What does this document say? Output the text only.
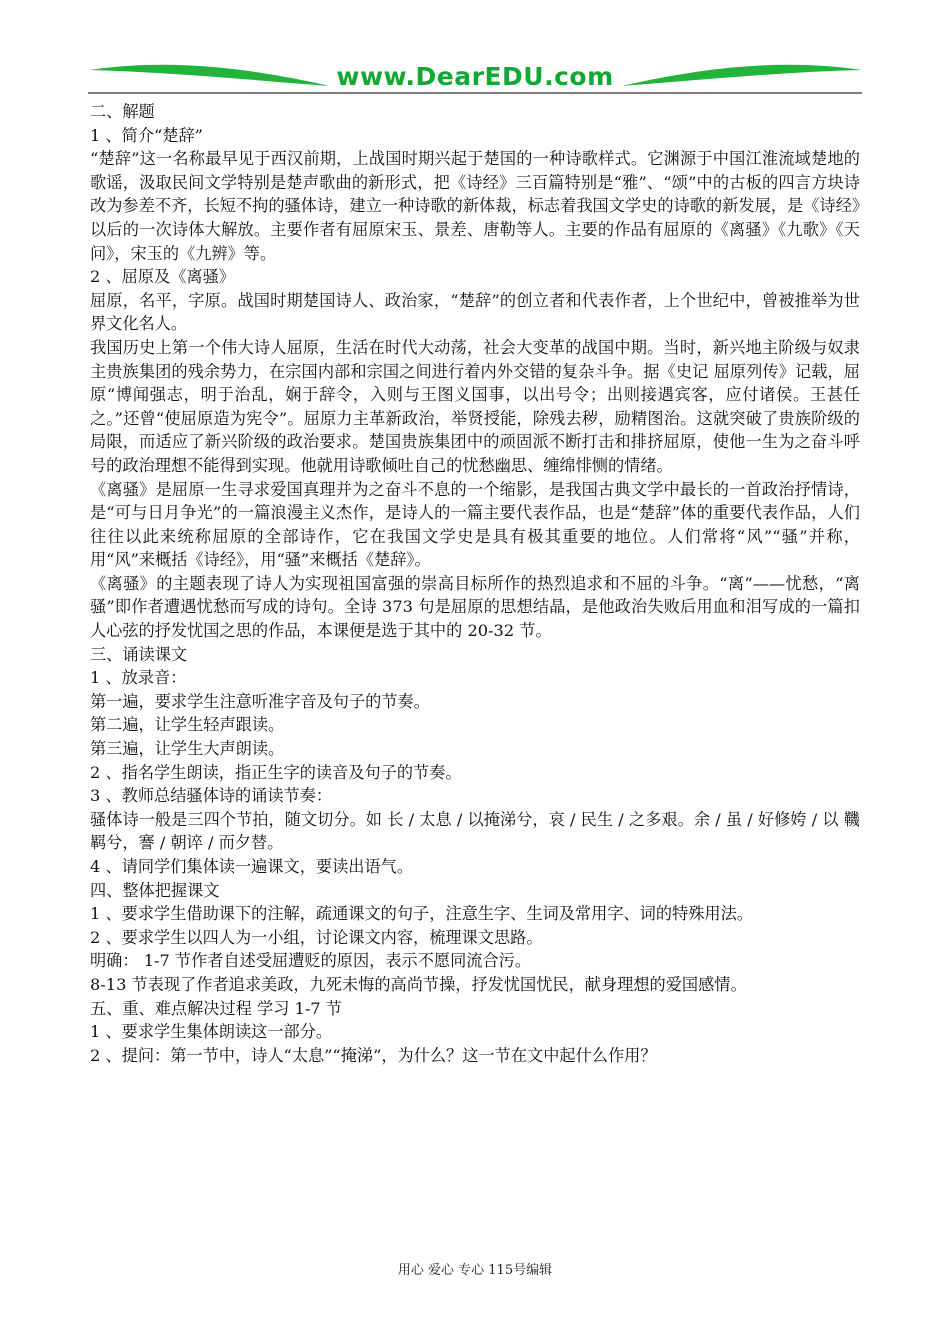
www.DearEDU.com

二、解题

1 、简介“楚辞”

“楚辞”这一名称最早见于西汉前期，上战国时期兴起于楚国的一种诗歌样式。它渊源于中国江淮流域楚地的歌谣，汲取民间文学特别是楚声歌曲的新形式，把《诗经》三百篇特别是“雅”、“颂”中的古板的四言方块诗改为参差不齐，长短不拘的骚体诗，建立一种诗歌的新体裁，标志着我国文学史的诗歌的新发展，是《诗经》以后的一次诗体大解放。主要作者有屈原宋玉、景差、唐勒等人。主要的作品有屈原的《离骚》《九歌》《天问》，宋玉的《九辨》等。

2 、屈原及《离骚》

屈原，名平，字原。战国时期楚国诗人、政治家，“楚辞”的创立者和代表作者，上个世纪中，曾被推举为世界文化名人。

我国历史上第一个伟大诗人屈原，生活在时代大动荡，社会大变革的战国中期。当时，新兴地主阶级与奴隶主贵族集团的残余势力，在宗国内部和宗国之间进行着内外交错的复杂斗争。据《史记 屈原列传》记载，屈原“博闻强志，明于治乱，娴于辞令，入则与王图义国事，以出号令；出则接遇宾客，应付诸侯。王甚任之。”还曾“使屈原造为宪令”。屈原力主革新政治，举贤授能，除残去秽，励精图治。这就突破了贵族阶级的局限，而适应了新兴阶级的政治要求。楚国贵族集团中的顽固派不断打击和排挤屈原，使他一生为之奋斗呼号的政治理想不能得到实现。他就用诗歌倾吐自己的忧愁幽思、缠绵悱恻的情绪。

《离骚》是屈原一生寻求爱国真理并为之奋斗不息的一个缩影，是我国古典文学中最长的一首政治抒情诗，是“可与日月争光”的一篇浪漫主义杰作，是诗人的一篇主要代表作品，也是“楚辞”体的重要代表作品，人们往往以此来统称屈原的全部诗作，它在我国文学史是具有极其重要的地位。人们常将“风”“骚”并称，用“风”来概括《诗经》，用“骚”来概括《楚辞》。

《离骚》的主题表现了诗人为实现祖国富强的崇高目标所作的热烈追求和不屈的斗争。“离”——忧愁，“离骚”即作者遭遇忧愁而写成的诗句。全诗 373 句是屈原的思想结晶，是他政治失败后用血和泪写成的一篇扣人心弦的抒发忧国之思的作品，本课便是选于其中的 20-32 节。

三、诵读课文

1 、放录音：

第一遍，要求学生注意听准字音及句子的节奏。

第二遍，让学生轻声跟读。

第三遍，让学生大声朗读。

2 、指名学生朗读，指正生字的读音及句子的节奏。

3 、教师总结骚体诗的诵读节奏：

骚体诗一般是三四个节拍，随文切分。如 长 / 太息 / 以掩涕兮，哀 / 民生 / 之多艰。余 / 虽 / 好修姱 / 以 鞿羁兮，謇 / 朝谇 / 而夕替。

4 、请同学们集体读一遍课文，要读出语气。

四、整体把握课文

1 、要求学生借助课下的注解，疏通课文的句子，注意生字、生词及常用字、词的特殊用法。

2 、要求学生以四人为一小组，讨论课文内容，梳理课文思路。

明确： 1-7 节作者自述受屈遭贬的原因，表示不愿同流合污。

8-13 节表现了作者追求美政，九死未悔的高尚节操，抒发忧国忧民，献身理想的爱国感情。

五、重、难点解决过程 学习 1-7 节

1 、要求学生集体朗读这一部分。

2 、提问：第一节中，诗人“太息”“掩涕”，为什么？这一节在文中起什么作用？

用心 爱心 专心 115号编辑
